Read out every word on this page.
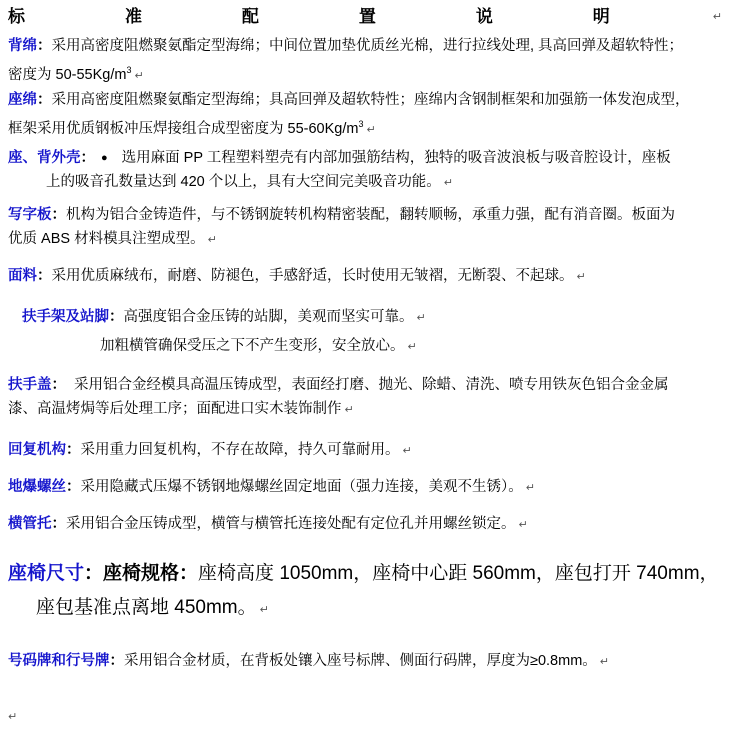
标	准	配	置	说	明	↵
背绵：采用高密度阻燃聚氨酯定型海绵；中间位置加垫优质丝光棉，进行拉线处理, 具高回弹及超软特性；
密度为 $50-55Kg/m^3$ ↵
座绵：采用高密度阻燃聚氨酯定型海绵；具高回弹及超软特性；座绵内含钢制框架和加强筋一体发泡成型，
框架采用优质钢板冲压焊接组合成型密度为 $55-60Kg/m^3$ ↵
座、背外壳： ● 选用麻面 PP 工程塑料塑壳有内部加强筋结构，独特的吸音波浪板与吸音腔设计，座板
上的吸音孔数量达到 420 个以上，具有大空间完美吸音功能。 ↵
写字板：机构为铝合金铸造件，与不锈钢旋转机构精密装配，翻转顺畅，承重力强，配有消音圈。板面为
优质 ABS 材料模具注塑成型。 ↵
面料：采用优质麻绒布，耐磨、防褪色，手感舒适，长时使用无皱褶，无断裂、不起球。 ↵
扶手架及站脚：高强度铝合金压铸的站脚，美观而坚实可靠。 ↵
加粗横管确保受压之下不产生变形，安全放心。 ↵
扶手盖：  采用铝合金经模具高温压铸成型，表面经打磨、抛光、除蜡、清洗、喷专用铁灰色铝合金金属
漆、高温烤焗等后处理工序；面配进口实木装饰制作 ↵
回复机构：采用重力回复机构，不存在故障，持久可靠耐用。 ↵
地爆螺丝：采用隐藏式压爆不锈钢地爆螺丝固定地面（强力连接，美观不生锈）。 ↵
横管托：采用铝合金压铸成型，横管与横管托连接处配有定位孔并用螺丝锁定。 ↵
座椅尺寸：座椅规格：座椅高度 1050mm，座椅中心距 560mm，座包打开 740mm，
座包基准点离地 450mm。 ↵
号码牌和行号牌：采用铝合金材质，在背板处镶入座号标牌、侧面行码牌，厚度为≥0.8mm。 ↵
↵
